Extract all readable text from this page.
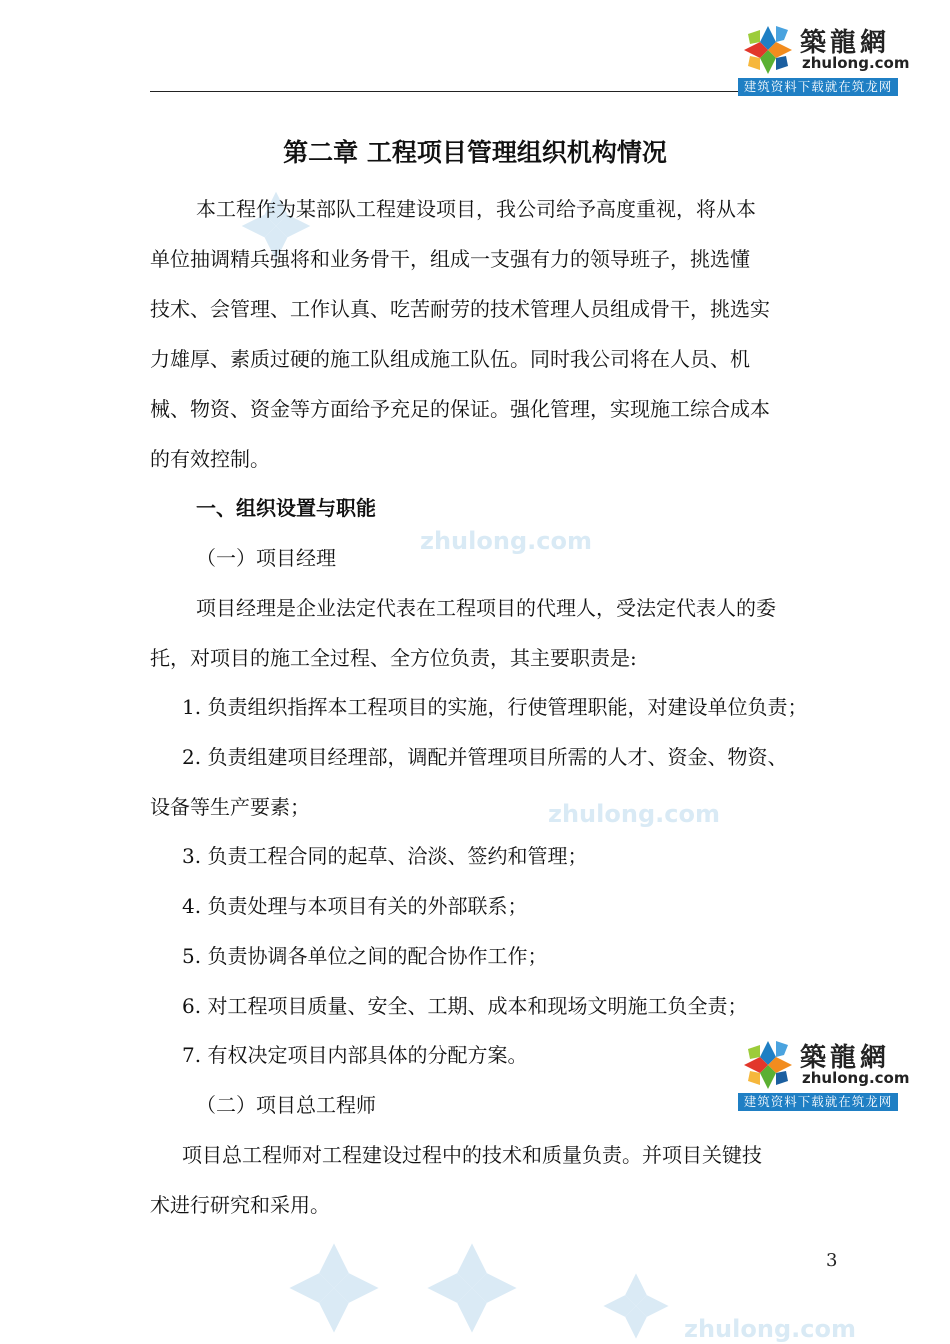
築龍網
zhulong.com
建筑资料下载就在筑龙网
zhulong.com
zhulong.com
zhulong.com
第二章 工程项目管理组织机构情况
本工程作为某部队工程建设项目，我公司给予高度重视，将从本
单位抽调精兵强将和业务骨干，组成一支强有力的领导班子，挑选懂
技术、会管理、工作认真、吃苦耐劳的技术管理人员组成骨干，挑选实
力雄厚、素质过硬的施工队组成施工队伍。同时我公司将在人员、机
械、物资、资金等方面给予充足的保证。强化管理，实现施工综合成本
的有效控制。
一、组织设置与职能
（一）项目经理
项目经理是企业法定代表在工程项目的代理人，受法定代表人的委
托，对项目的施工全过程、全方位负责，其主要职责是:
1. 负责组织指挥本工程项目的实施，行使管理职能，对建设单位负责；
2. 负责组建项目经理部，调配并管理项目所需的人才、资金、物资、
设备等生产要素；
3. 负责工程合同的起草、洽淡、签约和管理；
4. 负责处理与本项目有关的外部联系；
5. 负责协调各单位之间的配合协作工作；
6. 对工程项目质量、安全、工期、成本和现场文明施工负全责；
7. 有权决定项目内部具体的分配方案。	築龍網
zhulong.com
建筑资料下载就在筑龙网
（二）项目总工程师
项目总工程师对工程建设过程中的技术和质量负责。并项目关键技
术进行研究和采用。
3
